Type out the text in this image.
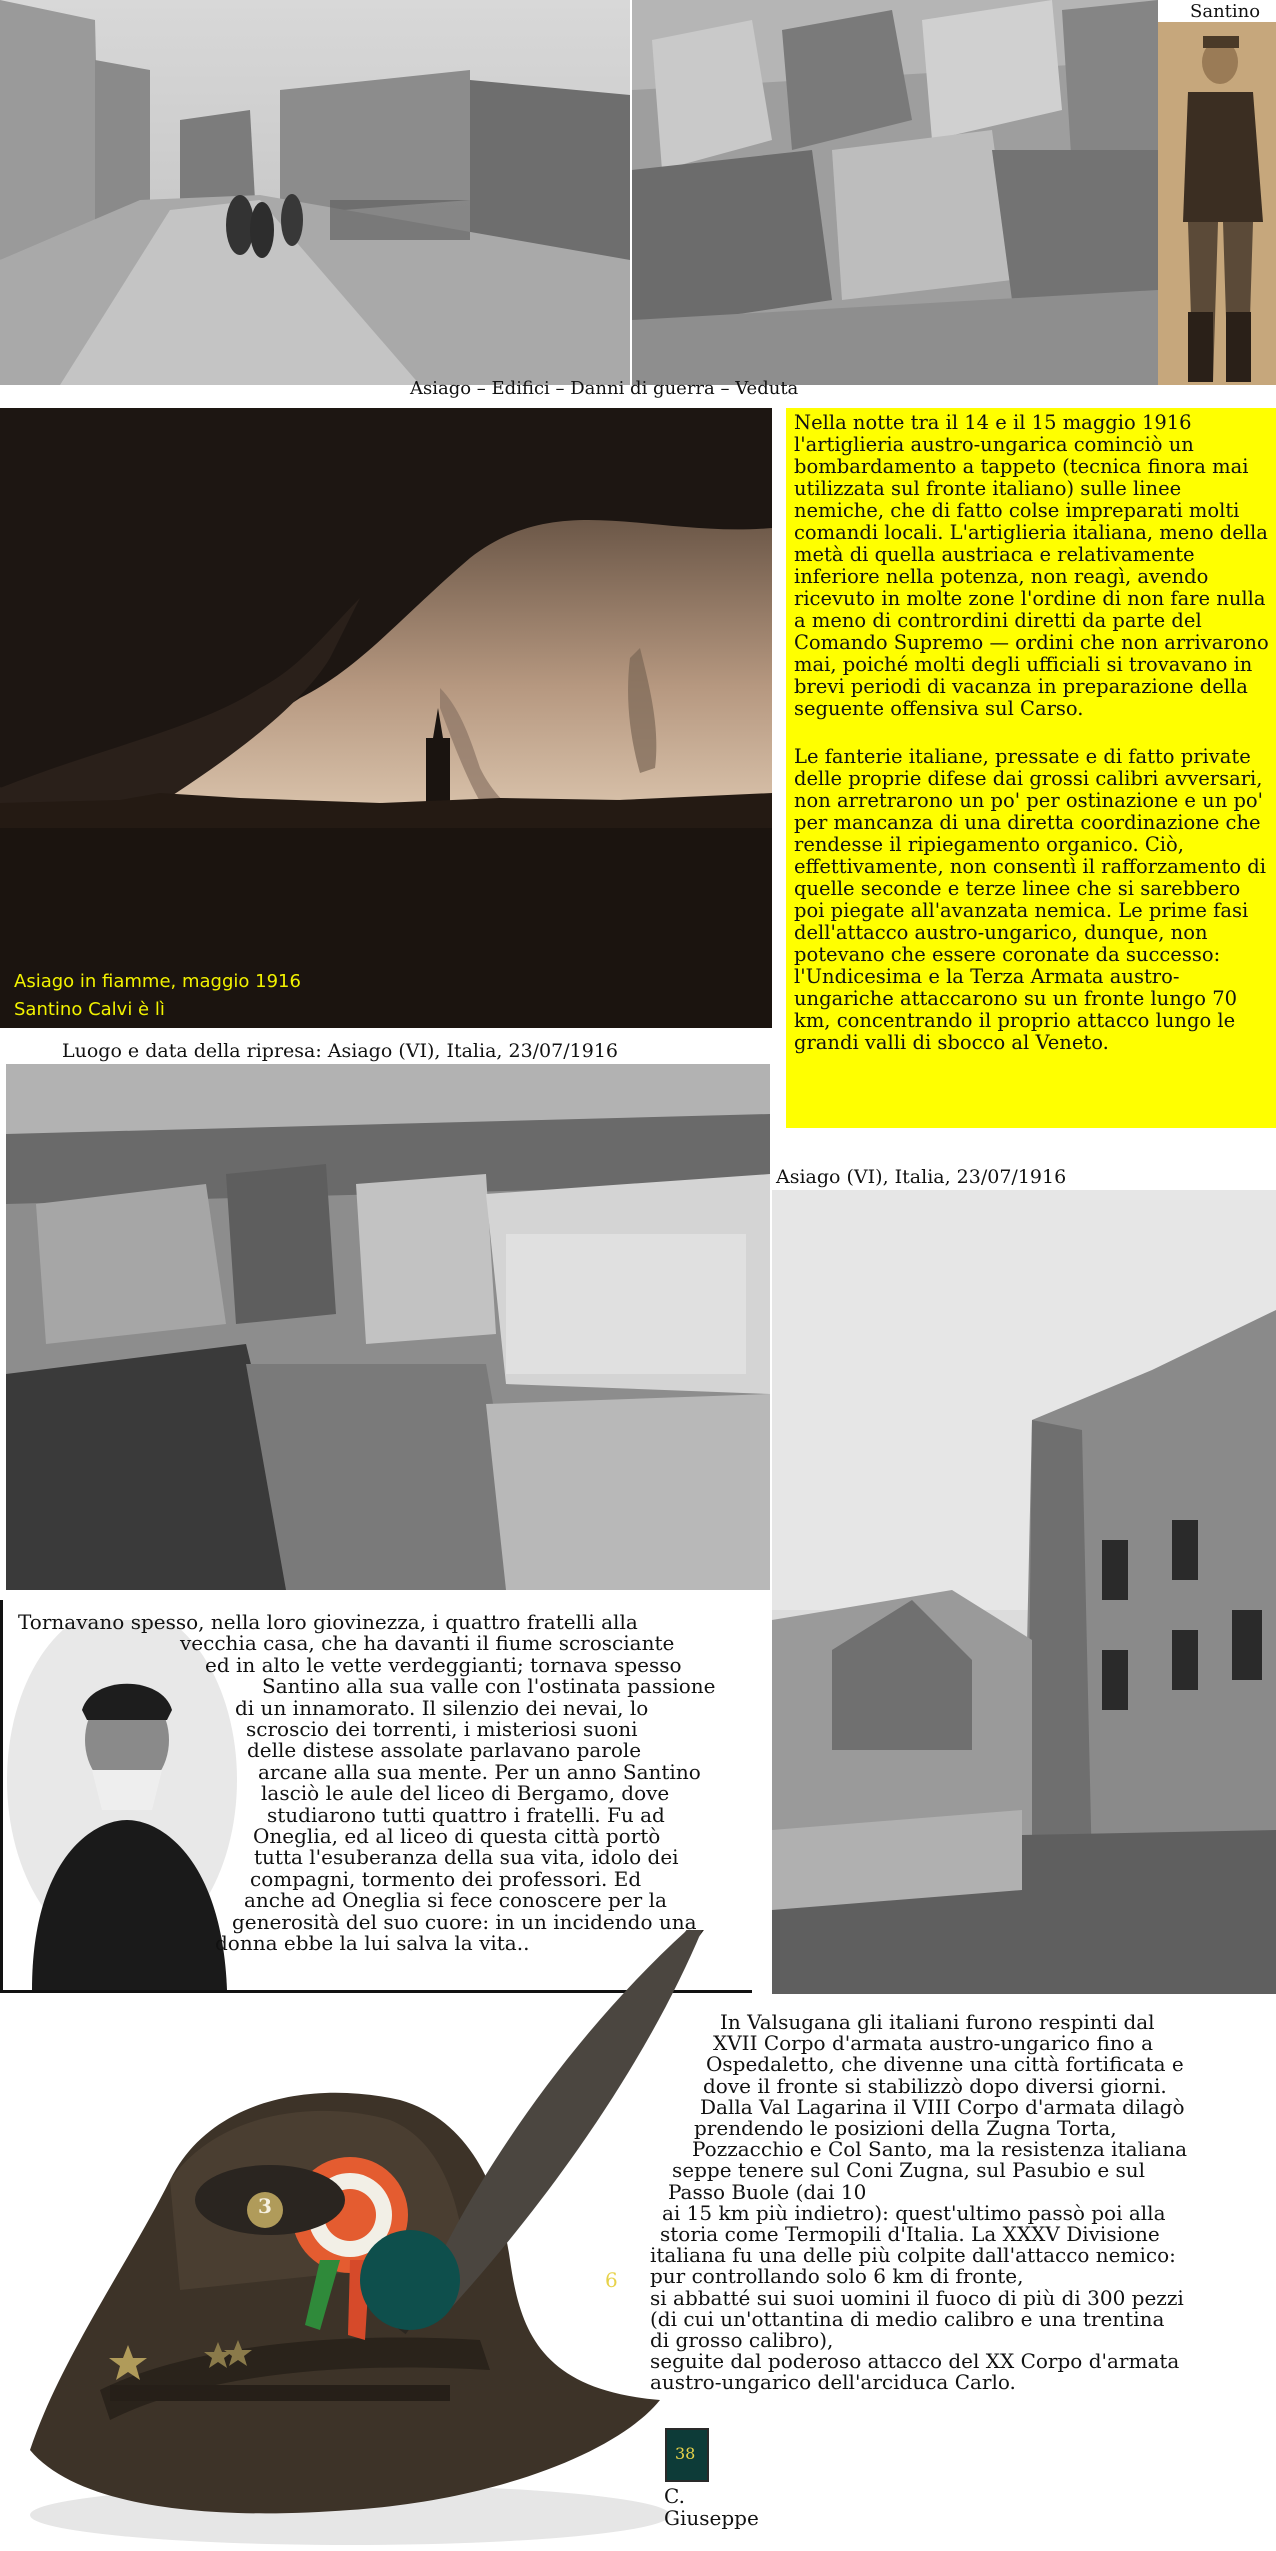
Santino
Asiago – Edifici – Danni di guerra – Veduta
Asiago in fiamme, maggio 1916
Santino Calvi è lì

Nella notte tra il 14 e il 15 maggio 1916 l'artiglieria austro-ungarica cominciò un bombardamento a tappeto (tecnica finora mai utilizzata sul fronte italiano) sulle linee nemiche, che di fatto colse impreparati molti comandi locali. L'artiglieria italiana, meno della metà di quella austriaca e relativamente inferiore nella potenza, non reagì, avendo ricevuto in molte zone l'ordine di non fare nulla a meno di contrordini diretti da parte del Comando Supremo — ordini che non arrivarono mai, poiché molti degli ufficiali si trovavano in brevi periodi di vacanza in preparazione della seguente offensiva sul Carso.

Le fanterie italiane, pressate e di fatto private delle proprie difese dai grossi calibri avversari, non arretrarono un po' per ostinazione e un po' per mancanza di una diretta coordinazione che rendesse il ripiegamento organico. Ciò, effettivamente, non consentì il rafforzamento di quelle seconde e terze linee che si sarebbero poi piegate all'avanzata nemica. Le prime fasi dell'attacco austro-ungarico, dunque, non potevano che essere coronate da successo: l'Undicesima e la Terza Armata austro-ungariche attaccarono su un fronte lungo 70 km, concentrando il proprio attacco lungo le grandi valli di sbocco al Veneto.

Luogo e data della ripresa: Asiago (VI), Italia, 23/07/1916
Asiago (VI), Italia, 23/07/1916
Tornavano spesso, nella loro giovinezza, i quattro fratelli alla
vecchia casa, che ha davanti il fiume scrosciante
ed in alto le vette verdeggianti; tornava spesso
Santino alla sua valle con l'ostinata passione
di un innamorato. Il silenzio dei nevai, lo
scroscio dei torrenti, i misteriosi suoni
delle distese assolate parlavano parole
arcane alla sua mente. Per un anno Santino
lasciò le aule del liceo di Bergamo, dove
studiarono tutti quattro i fratelli. Fu ad
Oneglia, ed al liceo di questa città portò
tutta l'esuberanza della sua vita, idolo dei
compagni, tormento dei professori. Ed
anche ad Oneglia si fece conoscere per la
generosità del suo cuore: in un incidendo una
donna ebbe la lui salva la vita..
3
6
38
In Valsugana gli italiani furono respinti dal
XVII Corpo d'armata austro-ungarico fino a
Ospedaletto, che divenne una città fortificata e
dove il fronte si stabilizzò dopo diversi giorni.
Dalla Val Lagarina il VIII Corpo d'armata dilagò
prendendo le posizioni della Zugna Torta,
Pozzacchio e Col Santo, ma la resistenza italiana
seppe tenere sul Coni Zugna, sul Pasubio e sul
Passo Buole (dai 10
ai 15 km più indietro): quest'ultimo passò poi alla
storia come Termopili d'Italia. La XXXV Divisione
italiana fu una delle più colpite dall'attacco nemico:
pur controllando solo 6 km di fronte,
si abbatté sui suoi uomini il fuoco di più di 300 pezzi
(di cui un'ottantina di medio calibro e una trentina
di grosso calibro),
seguite dal poderoso attacco del XX Corpo d'armata
austro-ungarico dell'arciduca Carlo.
C.
Giuseppe
